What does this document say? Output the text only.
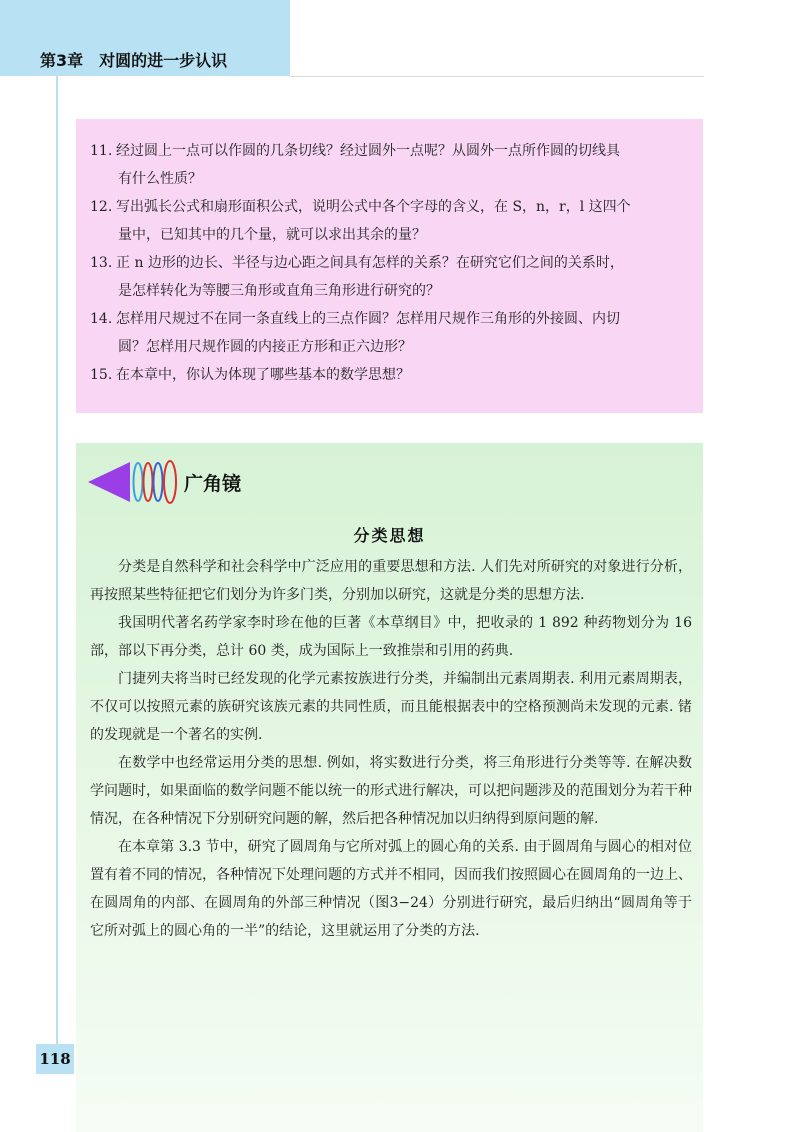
第3章　对圆的进一步认识
118

11. 经过圆上一点可以作圆的几条切线？经过圆外一点呢？从圆外一点所作圆的切线具
有什么性质？

12. 写出弧长公式和扇形面积公式，说明公式中各个字母的含义，在 S，n，r，l 这四个
量中，已知其中的几个量，就可以求出其余的量？

13. 正 n 边形的边长、半径与边心距之间具有怎样的关系？在研究它们之间的关系时，
是怎样转化为等腰三角形或直角三角形进行研究的？

14. 怎样用尺规过不在同一条直线上的三点作圆？怎样用尺规作三角形的外接圆、内切
圆？怎样用尺规作圆的内接正方形和正六边形？

15. 在本章中，你认为体现了哪些基本的数学思想？

广角镜
分类思想

分类是自然科学和社会科学中广泛应用的重要思想和方法. 人们先对所研究的对象进行分析，再按照某些特征把它们划分为许多门类，分别加以研究，这就是分类的思想方法.

我国明代著名药学家李时珍在他的巨著《本草纲目》中，把收录的 1 892 种药物划分为 16 部，部以下再分类，总计 60 类，成为国际上一致推崇和引用的药典.

门捷列夫将当时已经发现的化学元素按族进行分类，并编制出元素周期表. 利用元素周期表，不仅可以按照元素的族研究该族元素的共同性质，而且能根据表中的空格预测尚未发现的元素. 锗的发现就是一个著名的实例.

在数学中也经常运用分类的思想. 例如，将实数进行分类，将三角形进行分类等等. 在解决数学问题时，如果面临的数学问题不能以统一的形式进行解决，可以把问题涉及的范围划分为若干种情况，在各种情况下分别研究问题的解，然后把各种情况加以归纳得到原问题的解.

在本章第 3.3 节中，研究了圆周角与它所对弧上的圆心角的关系. 由于圆周角与圆心的相对位置有着不同的情况，各种情况下处理问题的方式并不相同，因而我们按照圆心在圆周角的一边上、在圆周角的内部、在圆周角的外部三种情况（图3−24）分别进行研究，最后归纳出“圆周角等于它所对弧上的圆心角的一半”的结论，这里就运用了分类的方法.
